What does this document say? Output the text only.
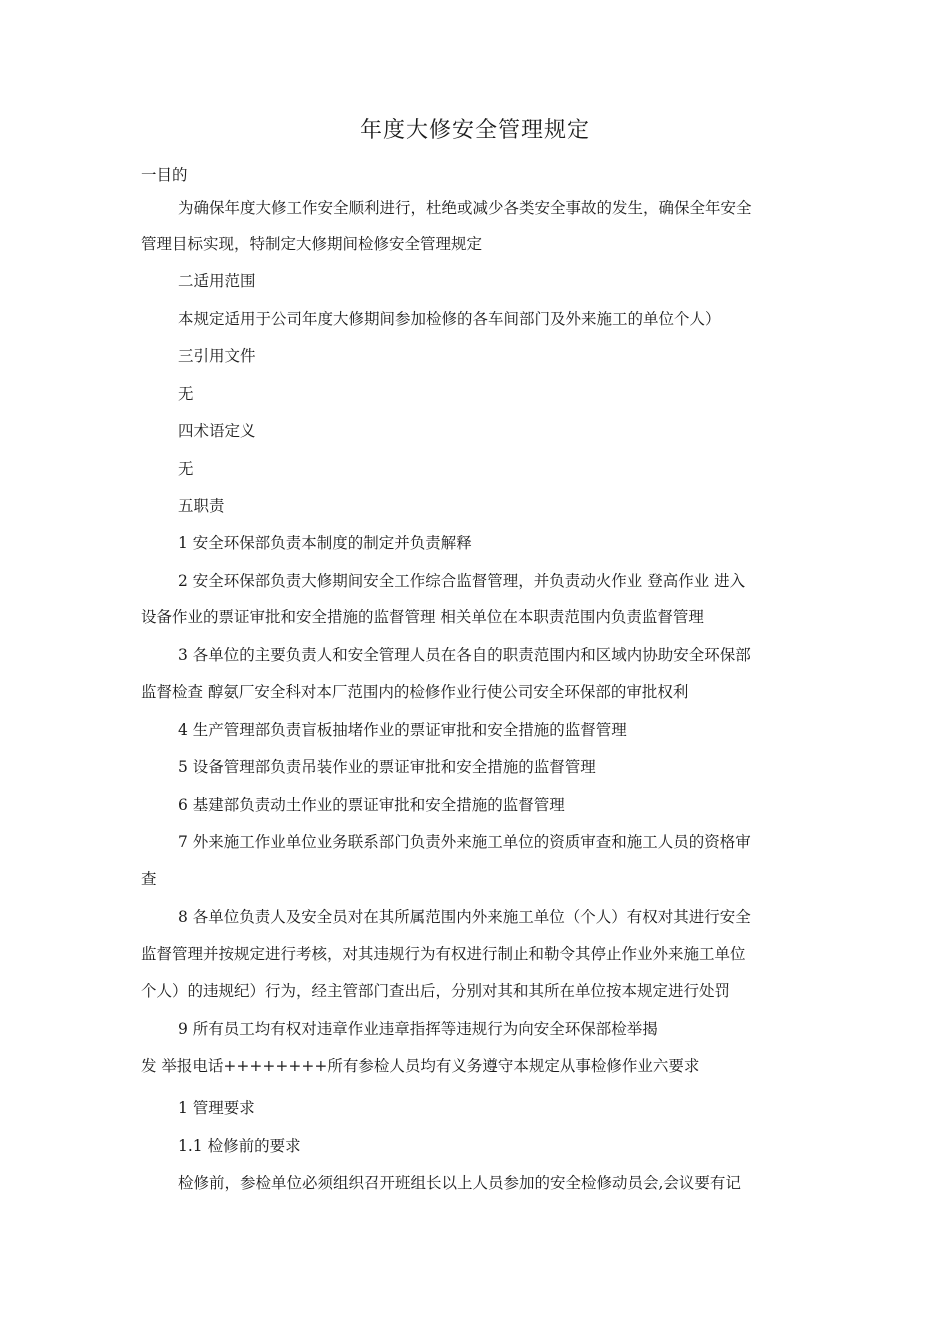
年度大修安全管理规定
一目的
为确保年度大修工作安全顺利进行，杜绝或减少各类安全事故的发生，确保全年安全
管理目标实现，特制定大修期间检修安全管理规定
二适用范围
本规定适用于公司年度大修期间参加检修的各车间部门及外来施工的单位个人）
三引用文件
无
四术语定义
无
五职责
1 安全环保部负责本制度的制定并负责解释
2 安全环保部负责大修期间安全工作综合监督管理，并负责动火作业 登高作业 进入
设备作业的票证审批和安全措施的监督管理 相关单位在本职责范围内负责监督管理
3 各单位的主要负责人和安全管理人员在各自的职责范围内和区域内协助安全环保部
监督检查 醇氨厂安全科对本厂范围内的检修作业行使公司安全环保部的审批权利
4 生产管理部负责盲板抽堵作业的票证审批和安全措施的监督管理
5 设备管理部负责吊装作业的票证审批和安全措施的监督管理
6 基建部负责动土作业的票证审批和安全措施的监督管理
7 外来施工作业单位业务联系部门负责外来施工单位的资质审查和施工人员的资格审
查
8 各单位负责人及安全员对在其所属范围内外来施工单位（个人）有权对其进行安全
监督管理并按规定进行考核，对其违规行为有权进行制止和勒令其停止作业外来施工单位
个人）的违规纪）行为，经主管部门查出后，分别对其和其所在单位按本规定进行处罚
9 所有员工均有权对违章作业违章指挥等违规行为向安全环保部检举揭
发 举报电话++++++++所有参检人员均有义务遵守本规定从事检修作业六要求
1 管理要求
1.1 检修前的要求
检修前，参检单位必须组织召开班组长以上人员参加的安全检修动员会,会议要有记
